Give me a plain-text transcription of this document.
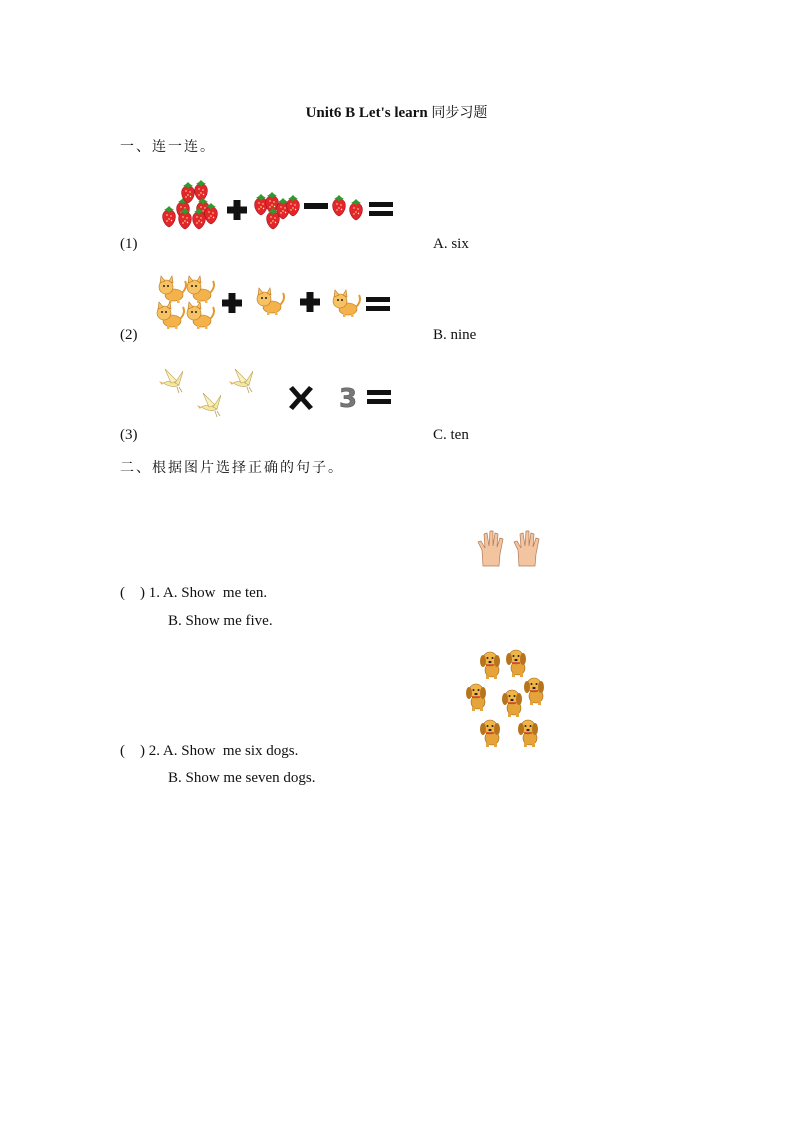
Unit6 B Let's learn 同步习题
一、连一连。
(1)	A. six
(2)	B. nine
3
(3)	C. ten
二、根据图片选择正确的句子。
(    ) 1. A. Show  me ten.
B. Show me five.
(    ) 2. A. Show  me six dogs.
B. Show me seven dogs.
